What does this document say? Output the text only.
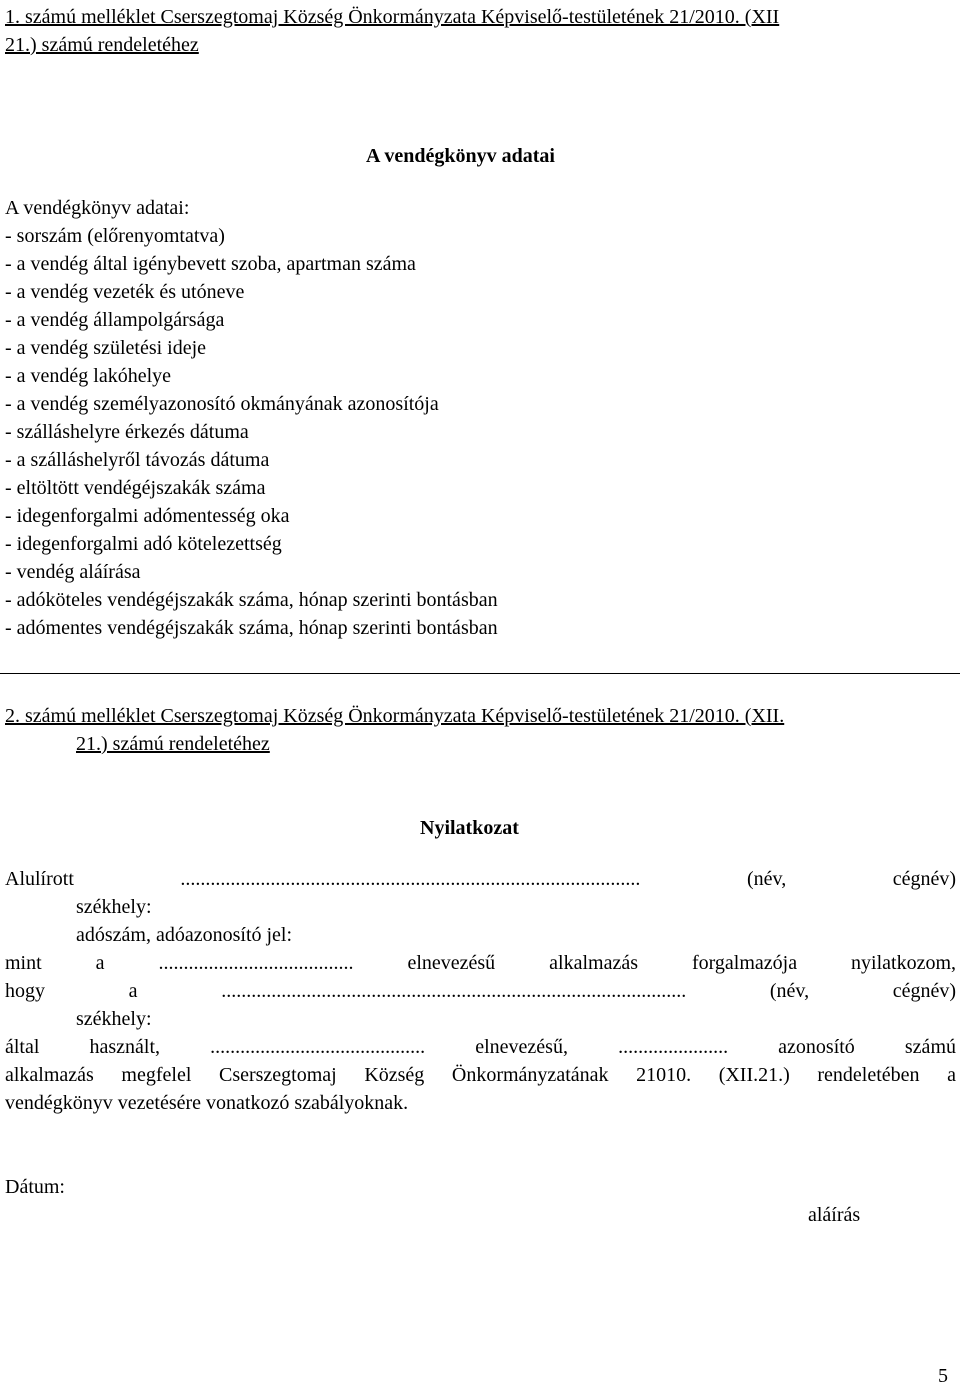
1. számú melléklet Cserszegtomaj Község Önkormányzata Képviselő-testületének 21/2010. (XII
21.) számú rendeletéhez
A vendégkönyv adatai
A vendégkönyv adatai:
- sorszám (előrenyomtatva)
- a vendég által igénybevett szoba, apartman száma
- a vendég vezeték és utóneve
- a vendég állampolgársága
- a vendég születési ideje
- a vendég lakóhelye
- a vendég személyazonosító okmányának azonosítója
- szálláshelyre érkezés dátuma
- a szálláshelyről távozás dátuma
- eltöltött vendégéjszakák száma
- idegenforgalmi adómentesség oka
- idegenforgalmi adó kötelezettség
- vendég aláírása
- adóköteles vendégéjszakák száma, hónap szerinti bontásban
- adómentes vendégéjszakák száma, hónap szerinti bontásban
2. számú melléklet Cserszegtomaj Község Önkormányzata Képviselő-testületének 21/2010. (XII.
21.) számú rendeletéhez
Nyilatkozat
Alulírott	............................................................................................	(név, cégnév)
székhely:
adószám, adóazonosító jel:
mint a	.......................................	elnevezésű alkalmazás forgalmazója nyilatkozom,
hogy a	.............................................................................................	(név, cégnév)
székhely:
által használt,	...........................................	elnevezésű,	......................	azonosító számú
alkalmazás megfelel Cserszegtomaj Község Önkormányzatának 21010. (XII.21.) rendeletében a
vendégkönyv vezetésére vonatkozó szabályoknak.
Dátum:
aláírás
5
